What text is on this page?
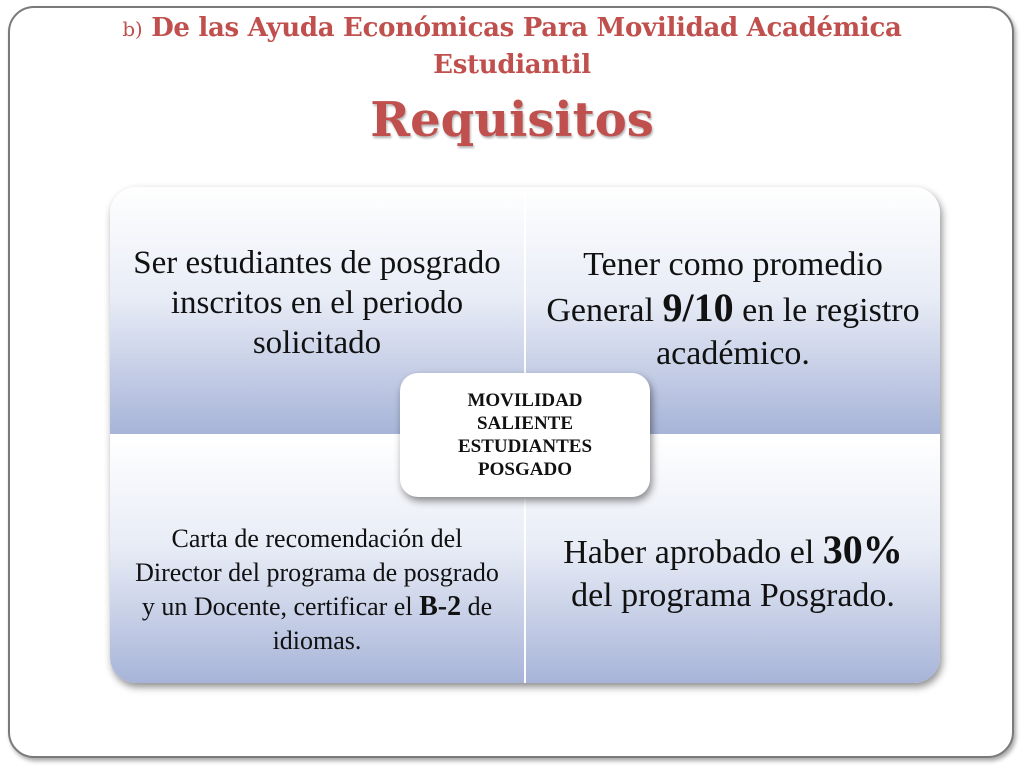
b) De las Ayuda Económicas Para Movilidad Académica Estudiantil
Requisitos
Ser estudiantes de posgrado inscritos en el periodo solicitado
Tener como promedio General 9/10 en le registro académico.
Carta de recomendación del Director del programa de posgrado y un Docente, certificar el B-2 de idiomas.
Haber aprobado el 30% del programa Posgrado.
MOVILIDAD
SALIENTE
ESTUDIANTES
POSGADO
